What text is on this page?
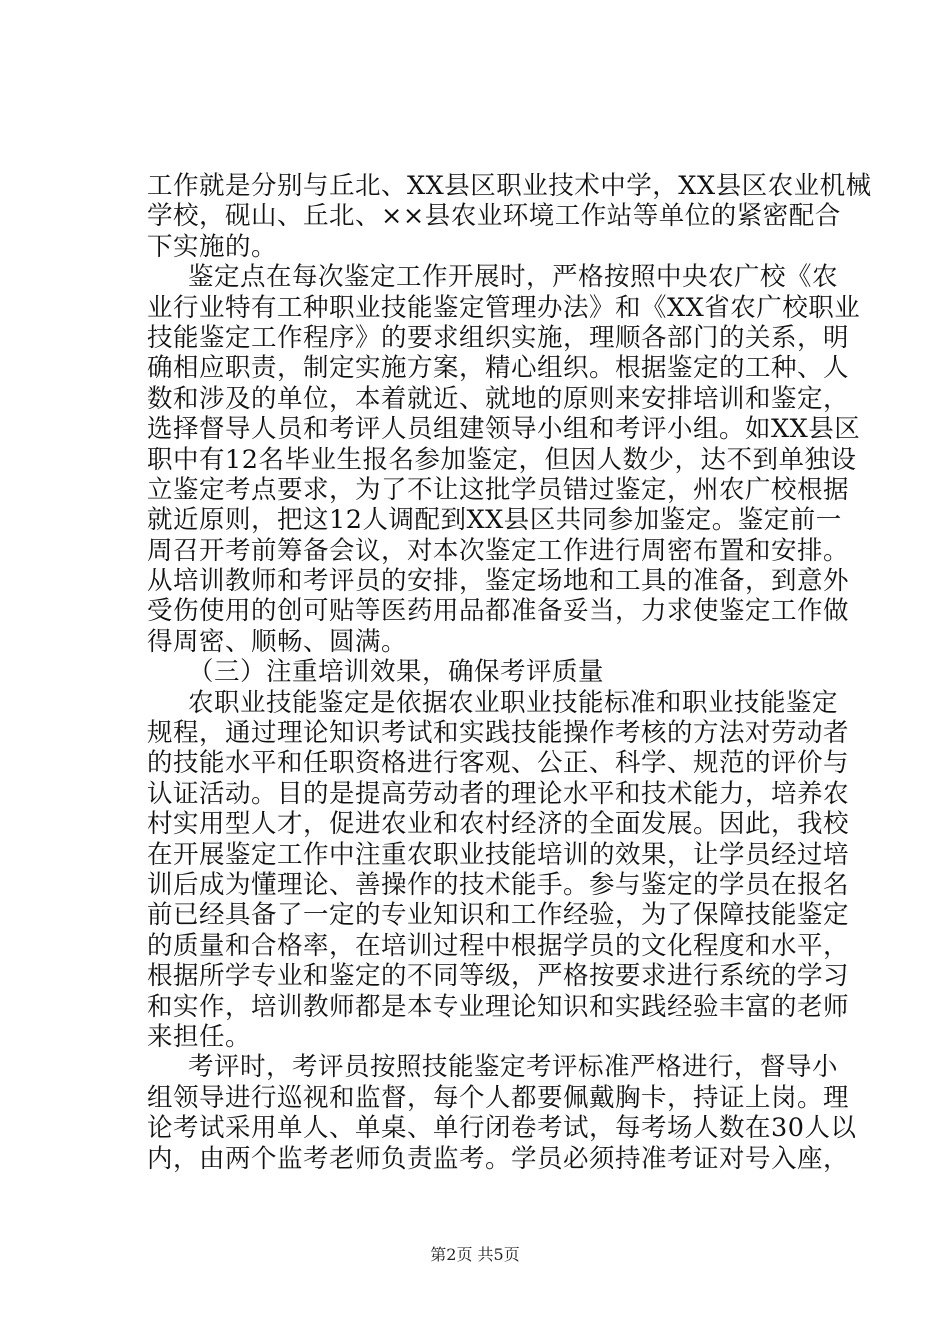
工作就是分别与丘北、XX县区职业技术中学，XX县区农业机械
学校，砚山、丘北、××县农业环境工作站等单位的紧密配合
下实施的。
鉴定点在每次鉴定工作开展时，严格按照中央农广校《农
业行业特有工种职业技能鉴定管理办法》和《XX省农广校职业
技能鉴定工作程序》的要求组织实施，理顺各部门的关系，明
确相应职责，制定实施方案，精心组织。根据鉴定的工种、人
数和涉及的单位，本着就近、就地的原则来安排培训和鉴定，
选择督导人员和考评人员组建领导小组和考评小组。如XX县区
职中有12名毕业生报名参加鉴定，但因人数少，达不到单独设
立鉴定考点要求，为了不让这批学员错过鉴定，州农广校根据
就近原则，把这12人调配到XX县区共同参加鉴定。鉴定前一
周召开考前筹备会议，对本次鉴定工作进行周密布置和安排。
从培训教师和考评员的安排，鉴定场地和工具的准备，到意外
受伤使用的创可贴等医药用品都准备妥当，力求使鉴定工作做
得周密、顺畅、圆满。
（三）注重培训效果，确保考评质量
农职业技能鉴定是依据农业职业技能标准和职业技能鉴定
规程，通过理论知识考试和实践技能操作考核的方法对劳动者
的技能水平和任职资格进行客观、公正、科学、规范的评价与
认证活动。目的是提高劳动者的理论水平和技术能力，培养农
村实用型人才，促进农业和农村经济的全面发展。因此，我校
在开展鉴定工作中注重农职业技能培训的效果，让学员经过培
训后成为懂理论、善操作的技术能手。参与鉴定的学员在报名
前已经具备了一定的专业知识和工作经验，为了保障技能鉴定
的质量和合格率，在培训过程中根据学员的文化程度和水平，
根据所学专业和鉴定的不同等级，严格按要求进行系统的学习
和实作，培训教师都是本专业理论知识和实践经验丰富的老师
来担任。
考评时，考评员按照技能鉴定考评标准严格进行，督导小
组领导进行巡视和监督，每个人都要佩戴胸卡，持证上岗。理
论考试采用单人、单桌、单行闭卷考试，每考场人数在30人以
内，由两个监考老师负责监考。学员必须持准考证对号入座，
第2页 共5页
